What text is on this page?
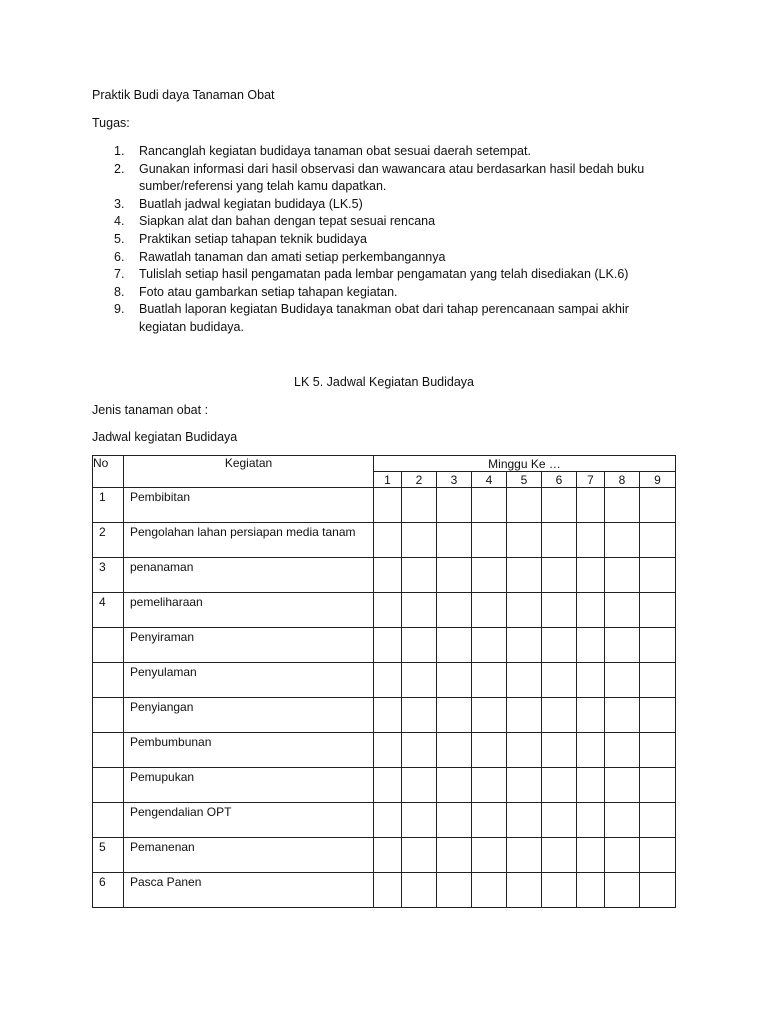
Praktik Budi daya Tanaman Obat
Tugas:
1. Rancanglah kegiatan budidaya tanaman obat sesuai daerah setempat.
2. Gunakan informasi dari hasil observasi dan wawancara atau berdasarkan hasil bedah buku sumber/referensi yang telah kamu dapatkan.
3. Buatlah jadwal kegiatan budidaya (LK.5)
4. Siapkan alat dan bahan dengan tepat sesuai rencana
5. Praktikan setiap tahapan teknik budidaya
6. Rawatlah tanaman dan amati setiap perkembangannya
7. Tulislah setiap hasil pengamatan pada lembar pengamatan yang telah disediakan (LK.6)
8. Foto atau gambarkan setiap tahapan kegiatan.
9. Buatlah laporan kegiatan Budidaya tanakman obat dari tahap perencanaan sampai akhir kegiatan budidaya.
LK 5. Jadwal Kegiatan Budidaya
Jenis tanaman obat :
Jadwal kegiatan Budidaya
No	Kegiatan	Minggu Ke …								
		1	2	3	4	5	6	7	8	9
1	Pembibitan									
2	Pengolahan lahan persiapan media tanam									
3	penanaman									
4	pemeliharaan									
	Penyiraman									
	Penyulaman									
	Penyiangan									
	Pembumbunan									
	Pemupukan									
	Pengendalian OPT									
5	Pemanenan									
6	Pasca Panen									
